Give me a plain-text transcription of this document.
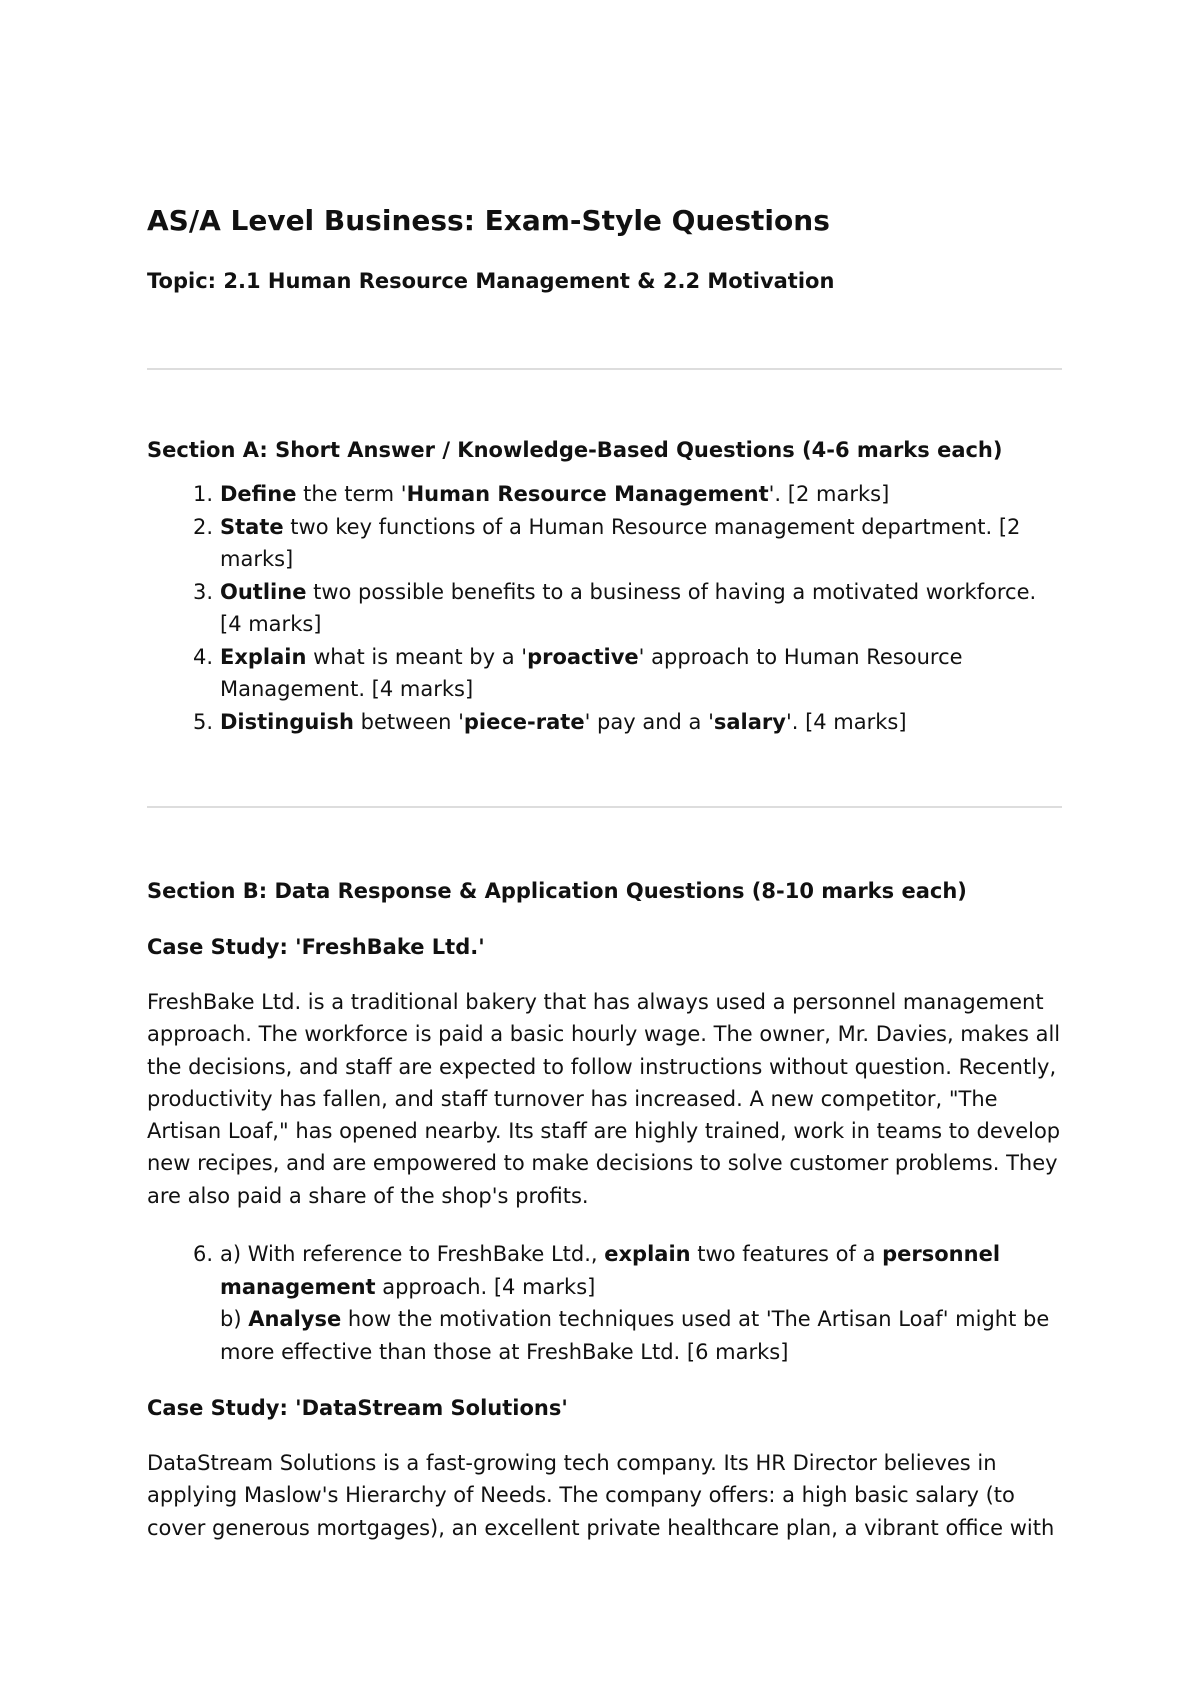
AS/A Level Business: Exam-Style Questions
Topic: 2.1 Human Resource Management & 2.2 Motivation
Section A: Short Answer / Knowledge-Based Questions (4-6 marks each)
1. Define the term 'Human Resource Management'. [2 marks]
2. State two key functions of a Human Resource management department. [2 marks]
3. Outline two possible benefits to a business of having a motivated workforce. [4 marks]
4. Explain what is meant by a 'proactive' approach to Human Resource Management. [4 marks]
5. Distinguish between 'piece-rate' pay and a 'salary'. [4 marks]
Section B: Data Response & Application Questions (8-10 marks each)
Case Study: 'FreshBake Ltd.'

FreshBake Ltd. is a traditional bakery that has always used a personnel management approach. The workforce is paid a basic hourly wage. The owner, Mr. Davies, makes all the decisions, and staff are expected to follow instructions without question. Recently, productivity has fallen, and staff turnover has increased. A new competitor, "The Artisan Loaf," has opened nearby. Its staff are highly trained, work in teams to develop new recipes, and are empowered to make decisions to solve customer problems. They are also paid a share of the shop's profits.

6. a) With reference to FreshBake Ltd., explain two features of a personnel management approach. [4 marks]
b) Analyse how the motivation techniques used at 'The Artisan Loaf' might be more effective than those at FreshBake Ltd. [6 marks]
Case Study: 'DataStream Solutions'

DataStream Solutions is a fast-growing tech company. Its HR Director believes in applying Maslow's Hierarchy of Needs. The company offers: a high basic salary (to cover generous mortgages), an excellent private healthcare plan, a vibrant office with
